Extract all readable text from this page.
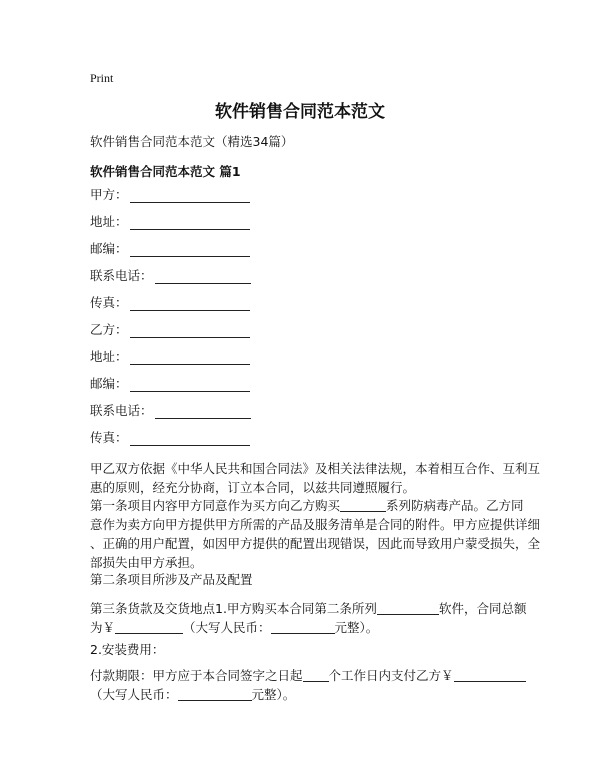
Print
软件销售合同范本范文
软件销售合同范本范文（精选34篇）
软件销售合同范本范文 篇1
甲方：
地址：
邮编：
联系电话：
传真：
乙方：
地址：
邮编：
联系电话：
传真：
甲乙双方依据《中华人民共和国合同法》及相关法律法规，本着相互合作、互利互
惠的原则，经充分协商，订立本合同，以兹共同遵照履行。
第一条项目内容甲方同意作为买方向乙方购买	系列防病毒产品。乙方同
意作为卖方向甲方提供甲方所需的产品及服务清单是合同的附件。甲方应提供详细
、正确的用户配置，如因甲方提供的配置出现错误，因此而导致用户蒙受损失，全
部损失由甲方承担。
第二条项目所涉及产品及配置
第三条货款及交货地点1.甲方购买本合同第二条所列	软件，合同总额
为￥	（大写人民币：	元整）。
2.安装费用：
付款期限：甲方应于本合同签字之日起 个工作日内支付乙方￥
（大写人民币：	元整）。
